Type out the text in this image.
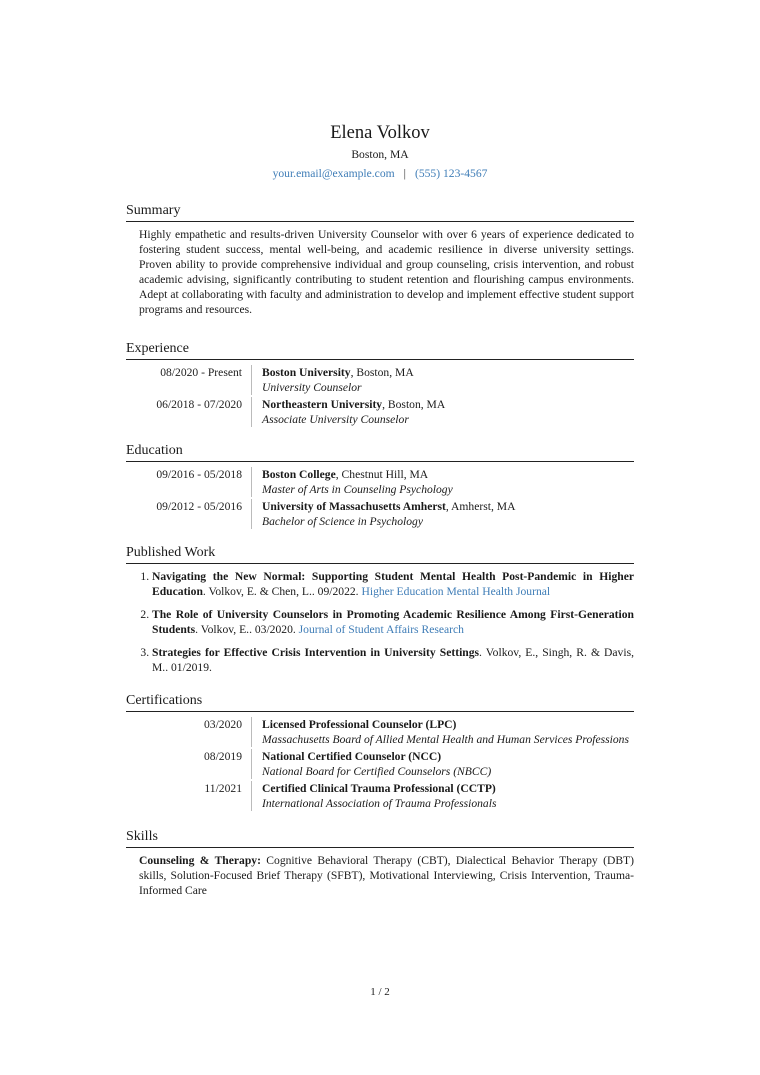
Elena Volkov
Boston, MA
your.email@example.com | (555) 123-4567
Summary
Highly empathetic and results-driven University Counselor with over 6 years of experience dedicated to fostering student success, mental well-being, and academic resilience in diverse university settings. Proven ability to provide comprehensive individual and group counseling, crisis intervention, and robust academic advising, significantly contributing to student retention and flourishing campus environments. Adept at collaborating with faculty and administration to develop and implement effective student support programs and resources.
Experience
08/2020 - Present	Boston University, Boston, MA
University Counselor
06/2018 - 07/2020	Northeastern University, Boston, MA
Associate University Counselor
Education
09/2016 - 05/2018	Boston College, Chestnut Hill, MA
Master of Arts in Counseling Psychology
09/2012 - 05/2016	University of Massachusetts Amherst, Amherst, MA
Bachelor of Science in Psychology
Published Work
1. Navigating the New Normal: Supporting Student Mental Health Post-Pandemic in Higher Education. Volkov, E. & Chen, L.. 09/2022. Higher Education Mental Health Journal
2. The Role of University Counselors in Promoting Academic Resilience Among First-Generation Students. Volkov, E.. 03/2020. Journal of Student Affairs Research
3. Strategies for Effective Crisis Intervention in University Settings. Volkov, E., Singh, R. & Davis, M.. 01/2019.
Certifications
03/2020	Licensed Professional Counselor (LPC)
Massachusetts Board of Allied Mental Health and Human Services Professions
08/2019	National Certified Counselor (NCC)
National Board for Certified Counselors (NBCC)
11/2021	Certified Clinical Trauma Professional (CCTP)
International Association of Trauma Professionals
Skills
Counseling & Therapy: Cognitive Behavioral Therapy (CBT), Dialectical Behavior Therapy (DBT) skills, Solution-Focused Brief Therapy (SFBT), Motivational Interviewing, Crisis Intervention, Trauma-Informed Care
1 / 2
